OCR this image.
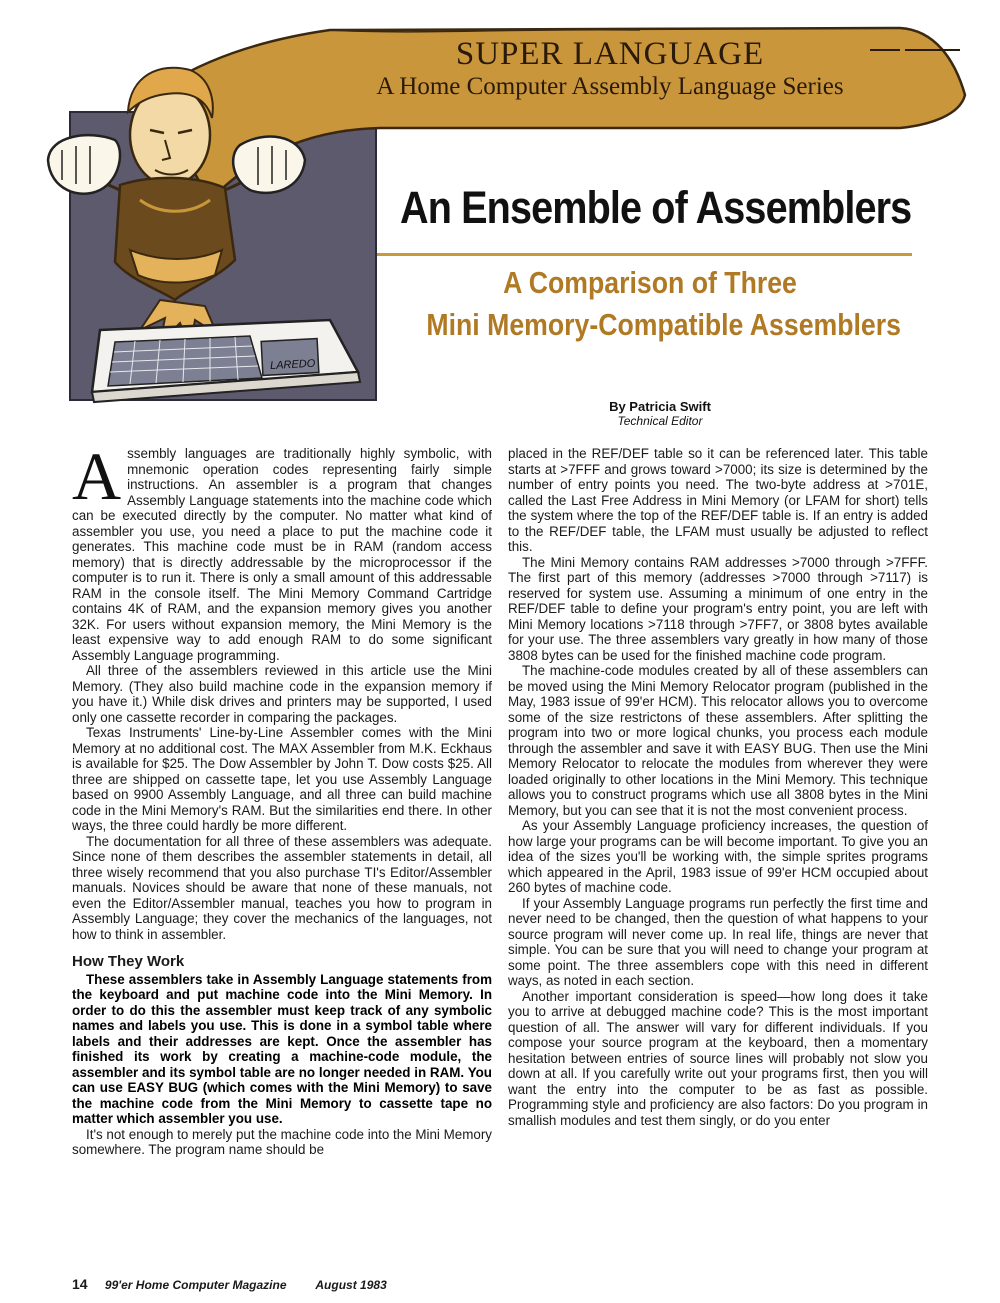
LAREDO
SUPER LANGUAGE
A Home Computer Assembly Language Series
An Ensemble of Assemblers
A Comparison of Three
Mini Memory-Compatible Assemblers
By Patricia Swift
Technical Editor

Assembly languages are traditionally highly symbolic, with mnemonic operation codes representing fairly simple instructions. An assembler is a program that changes Assembly Language statements into the machine code which can be executed directly by the computer. No matter what kind of assembler you use, you need a place to put the machine code it generates. This machine code must be in RAM (random access memory) that is directly addressable by the microprocessor if the computer is to run it. There is only a small amount of this addressable RAM in the console itself. The Mini Memory Command Cartridge contains 4K of RAM, and the expansion memory gives you another 32K. For users without expansion memory, the Mini Memory is the least expensive way to add enough RAM to do some significant Assembly Language programming.

All three of the assemblers reviewed in this article use the Mini Memory. (They also build machine code in the expansion memory if you have it.) While disk drives and printers may be supported, I used only one cassette recorder in comparing the packages.

Texas Instruments' Line-by-Line Assembler comes with the Mini Memory at no additional cost. The MAX Assembler from M.K. Eckhaus is available for $25. The Dow Assembler by John T. Dow costs $25. All three are shipped on cassette tape, let you use Assembly Language based on 9900 Assembly Language, and all three can build machine code in the Mini Memory's RAM. But the similarities end there. In other ways, the three could hardly be more different.

The documentation for all three of these assemblers was adequate. Since none of them describes the assembler statements in detail, all three wisely recommend that you also purchase TI's Editor/Assembler manuals. Novices should be aware that none of these manuals, not even the Editor/Assembler manual, teaches you how to program in Assembly Language; they cover the mechanics of the languages, not how to think in assembler.

How They Work

These assemblers take in Assembly Language statements from the keyboard and put machine code into the Mini Memory. In order to do this the assembler must keep track of any symbolic names and labels you use. This is done in a symbol table where labels and their addresses are kept. Once the assembler has finished its work by creating a machine-code module, the assembler and its symbol table are no longer needed in RAM. You can use EASY BUG (which comes with the Mini Memory) to save the machine code from the Mini Memory to cassette tape no matter which assembler you use.

It's not enough to merely put the machine code into the Mini Memory somewhere. The program name should be

placed in the REF/DEF table so it can be referenced later. This table starts at >7FFF and grows toward >7000; its size is determined by the number of entry points you need. The two-byte address at >701E, called the Last Free Address in Mini Memory (or LFAM for short) tells the system where the top of the REF/DEF table is. If an entry is added to the REF/DEF table, the LFAM must usually be adjusted to reflect this.

The Mini Memory contains RAM addresses >7000 through >7FFF. The first part of this memory (addresses >7000 through >7117) is reserved for system use. Assuming a minimum of one entry in the REF/DEF table to define your program's entry point, you are left with Mini Memory locations >7118 through >7FF7, or 3808 bytes available for your use. The three assemblers vary greatly in how many of those 3808 bytes can be used for the finished machine code program.

The machine-code modules created by all of these assemblers can be moved using the Mini Memory Relocator program (published in the May, 1983 issue of 99'er HCM). This relocator allows you to overcome some of the size restrictons of these assemblers. After splitting the program into two or more logical chunks, you process each module through the assembler and save it with EASY BUG. Then use the Mini Memory Relocator to relocate the modules from wherever they were loaded originally to other locations in the Mini Memory. This technique allows you to construct programs which use all 3808 bytes in the Mini Memory, but you can see that it is not the most convenient process.

As your Assembly Language proficiency increases, the question of how large your programs can be will become important. To give you an idea of the sizes you'll be working with, the simple sprites programs which appeared in the April, 1983 issue of 99'er HCM occupied about 260 bytes of machine code.

If your Assembly Language programs run perfectly the first time and never need to be changed, then the question of what happens to your source program will never come up. In real life, things are never that simple. You can be sure that you will need to change your program at some point. The three assemblers cope with this need in different ways, as noted in each section.

Another important consideration is speed—how long does it take you to arrive at debugged machine code? This is the most important question of all. The answer will vary for different individuals. If you compose your source program at the keyboard, then a momentary hesitation between entries of source lines will probably not slow you down at all. If you carefully write out your programs first, then you will want the entry into the computer to be as fast as possible. Programming style and proficiency are also factors: Do you program in smallish modules and test them singly, or do you enter

14 99'er Home Computer Magazine August 1983
